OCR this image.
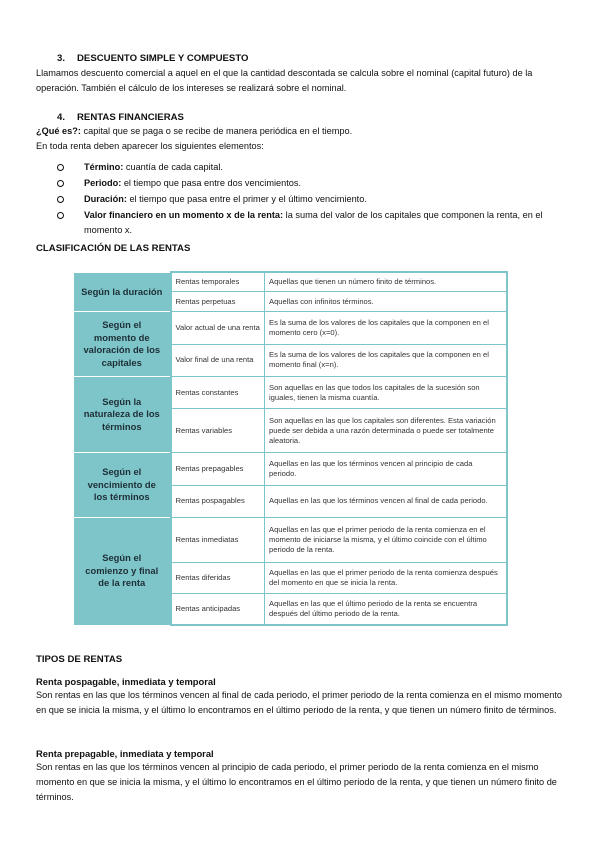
3. DESCUENTO SIMPLE Y COMPUESTO
Llamamos descuento comercial a aquel en el que la cantidad descontada se calcula sobre el nominal (capital futuro) de la operación. También el cálculo de los intereses se realizará sobre el nominal.
4. RENTAS FINANCIERAS
¿Qué es?: capital que se paga o se recibe de manera periódica en el tiempo.
En toda renta deben aparecer los siguientes elementos:
Término: cuantía de cada capital.
Periodo: el tiempo que pasa entre dos vencimientos.
Duración: el tiempo que pasa entre el primer y el último vencimiento.
Valor financiero en un momento x de la renta: la suma del valor de los capitales que componen la renta, en el momento x.
CLASIFICACIÓN DE LAS RENTAS
Según la duración	Rentas temporales	Aquellas que tienen un número finito de términos.
	Rentas perpetuas	Aquellas con infinitos términos.
Según el momento de valoración de los capitales	Valor actual de una renta	Es la suma de los valores de los capitales que la componen en el momento cero (x=0).
	Valor final de una renta	Es la suma de los valores de los capitales que la componen en el momento final (x=n).
Según la naturaleza de los términos	Rentas constantes	Son aquellas en las que todos los capitales de la sucesión son iguales, tienen la misma cuantía.
	Rentas variables	Son aquellas en las que los capitales son diferentes. Esta variación puede ser debida a una razón determinada o puede ser totalmente aleatoria.
Según el vencimiento de los términos	Rentas prepagables	Aquellas en las que los términos vencen al principio de cada periodo.
	Rentas pospagables	Aquellas en las que los términos vencen al final de cada periodo.
Según el comienzo y final de la renta	Rentas inmediatas	Aquellas en las que el primer periodo de la renta comienza en el momento de iniciarse la misma, y el último coincide con el último periodo de la renta.
	Rentas diferidas	Aquellas en las que el primer periodo de la renta comienza después del momento en que se inicia la renta.
	Rentas anticipadas	Aquellas en las que el último periodo de la renta se encuentra después del último periodo de la renta.
TIPOS DE RENTAS
Renta pospagable, inmediata y temporal
Son rentas en las que los términos vencen al final de cada periodo, el primer periodo de la renta comienza en el mismo momento en que se inicia la misma, y el último lo encontramos en el último periodo de la renta, y que tienen un número finito de términos.
Renta prepagable, inmediata y temporal
Son rentas en las que los términos vencen al principio de cada periodo, el primer periodo de la renta comienza en el mismo momento en que se inicia la misma, y el último lo encontramos en el último periodo de la renta, y que tienen un número finito de términos.
